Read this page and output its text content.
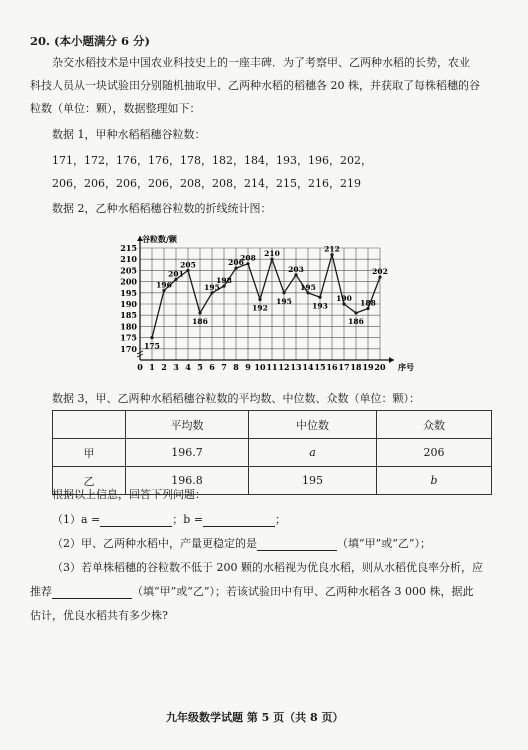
20. (本小题满分 6 分)
杂交水稻技术是中国农业科技史上的一座丰碑．为了考察甲、乙两种水稻的长势，农业
科技人员从一块试验田分别随机抽取甲、乙两种水稻的稻穗各 20 株，并获取了每株稻穗的谷
粒数（单位：颗），数据整理如下：
数据 1，甲种水稻稻穗谷粒数：
171，172，176，176，178，182，184，193，196，202，
206，206，206，206，208，208，214，215，216，219
数据 2，乙种水稻稻穗谷粒数的折线统计图：
170
175
180
185
190
195
200
205
210
215
0 1 2 3 4 5 6 7 8 9 10 11 12 13 14 15 16 17 18 19 20
谷粒数/颗
序号
175
196
201
205
186
195
198
206
208
192
210
195
203
195
193
212
190
186
188
202
数据 3，甲、乙两种水稻稻穗谷粒数的平均数、中位数、众数（单位：颗）：
	平均数	中位数	众数
甲	196.7	a	206
乙	196.8	195	b
根据以上信息，回答下列问题：
（1）a =	；b =	；
（2）甲、乙两种水稻中，产量更稳定的是	（填“甲”或“乙”）；
（3）若单株稻穗的谷粒数不低于 200 颗的水稻视为优良水稻，则从水稻优良率分析，应
推荐	（填“甲”或“乙”）；若该试验田中有甲、乙两种水稻各 3 000 株，据此
估计，优良水稻共有多少株?
九年级数学试题 第 5 页（共 8 页）
